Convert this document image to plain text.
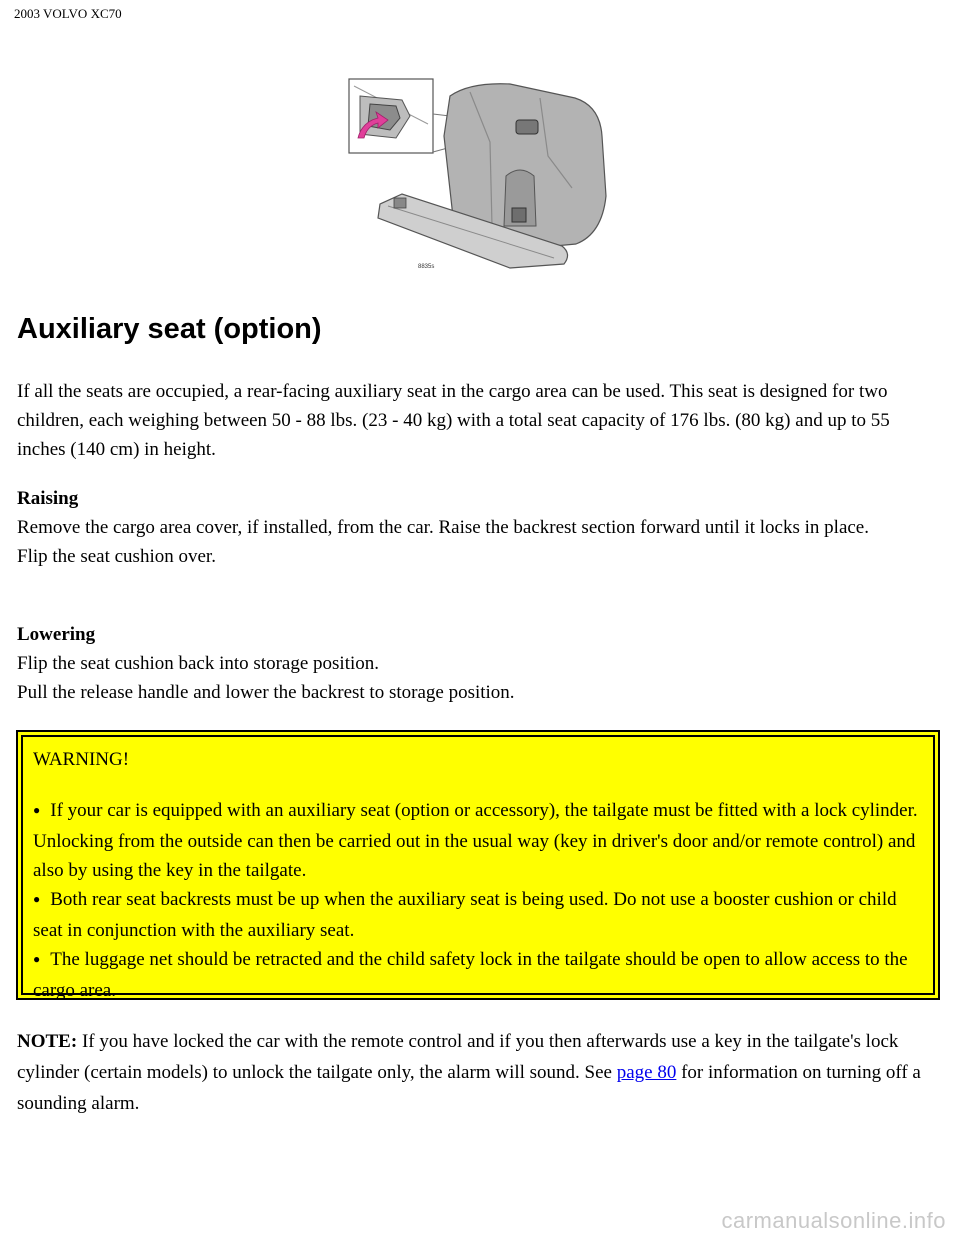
2003 VOLVO XC70
8835s
Auxiliary seat (option)

If all the seats are occupied, a rear-facing auxiliary seat in the cargo area can be used. This seat is designed for two children, each weighing between 50 - 88 lbs. (23 - 40 kg) with a total seat capacity of 176 lbs. (80 kg) and up to 55 inches (140 cm) in height.

Raising
Remove the cargo area cover, if installed, from the car. Raise the backrest section forward until it locks in place.
Flip the seat cushion over.

Lowering
Flip the seat cushion back into storage position.
Pull the release handle and lower the backrest to storage position.

WARNING!

● If your car is equipped with an auxiliary seat (option or accessory), the tailgate must be fitted with a lock cylinder. Unlocking from the outside can then be carried out in the usual way (key in driver's door and/or remote control) and also by using the key in the tailgate.
● Both rear seat backrests must be up when the auxiliary seat is being used. Do not use a booster cushion or child seat in conjunction with the auxiliary seat.
● The luggage net should be retracted and the child safety lock in the tailgate should be open to allow access to the cargo area.

NOTE: If you have locked the car with the remote control and if you then afterwards use a key in the tailgate's lock cylinder (certain models) to unlock the tailgate only, the alarm will sound. See page 80 for information on turning off a sounding alarm.

carmanualsonline.info
